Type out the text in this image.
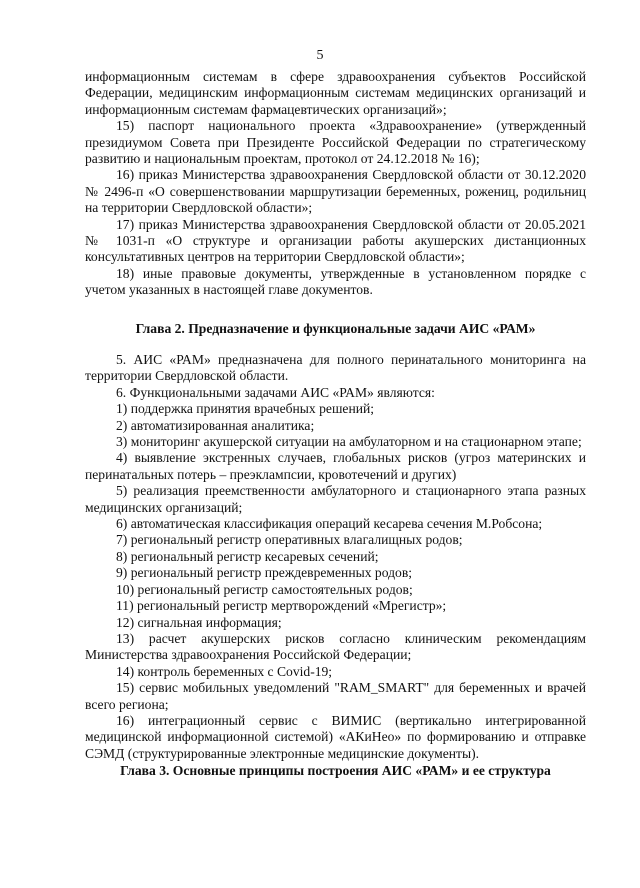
5

информационным системам в сфере здравоохранения субъектов Российской Федерации, медицинским информационным системам медицинских организаций и информационным системам фармацевтических организаций»;

15) паспорт национального проекта «Здравоохранение» (утвержденный президиумом Совета при Президенте Российской Федерации по стратегическому развитию и национальным проектам, протокол от 24.12.2018 № 16);

16) приказ Министерства здравоохранения Свердловской области от 30.12.2020 № 2496-п «О совершенствовании маршрутизации беременных, рожениц, родильниц на территории Свердловской области»;

17) приказ Министерства здравоохранения Свердловской области от 20.05.2021 № 1031-п «О структуре и организации работы акушерских дистанционных консультативных центров на территории Свердловской области»;

18) иные правовые документы, утвержденные в установленном порядке с учетом указанных в настоящей главе документов.

Глава 2. Предназначение и функциональные задачи АИС «РАМ»

5. АИС «РАМ» предназначена для полного перинатального мониторинга на территории Свердловской области.

6. Функциональными задачами АИС «РАМ» являются:

1) поддержка принятия врачебных решений;

2) автоматизированная аналитика;

3) мониторинг акушерской ситуации на амбулаторном и на стационарном этапе;

4) выявление экстренных случаев, глобальных рисков (угроз материнских и перинатальных потерь – преэклампсии, кровотечений и других)

5) реализация преемственности амбулаторного и стационарного этапа разных медицинских организаций;

6) автоматическая классификация операций кесарева сечения М.Робсона;

7) региональный регистр оперативных влагалищных родов;

8) региональный регистр кесаревых сечений;

9) региональный регистр преждевременных родов;

10) региональный регистр самостоятельных родов;

11) региональный регистр мертворождений «Мрегистр»;

12) сигнальная информация;

13) расчет акушерских рисков согласно клиническим рекомендациям Министерства здравоохранения Российской Федерации;

14) контроль беременных с Covid-19;

15) сервис мобильных уведомлений "RAM_SMART" для беременных и врачей всего региона;

16) интеграционный сервис с ВИМИС (вертикально интегрированной медицинской информационной системой) «АКиНео» по формированию и отправке СЭМД (структурированные электронные медицинские документы).

Глава 3. Основные принципы построения АИС «РАМ» и ее структура
